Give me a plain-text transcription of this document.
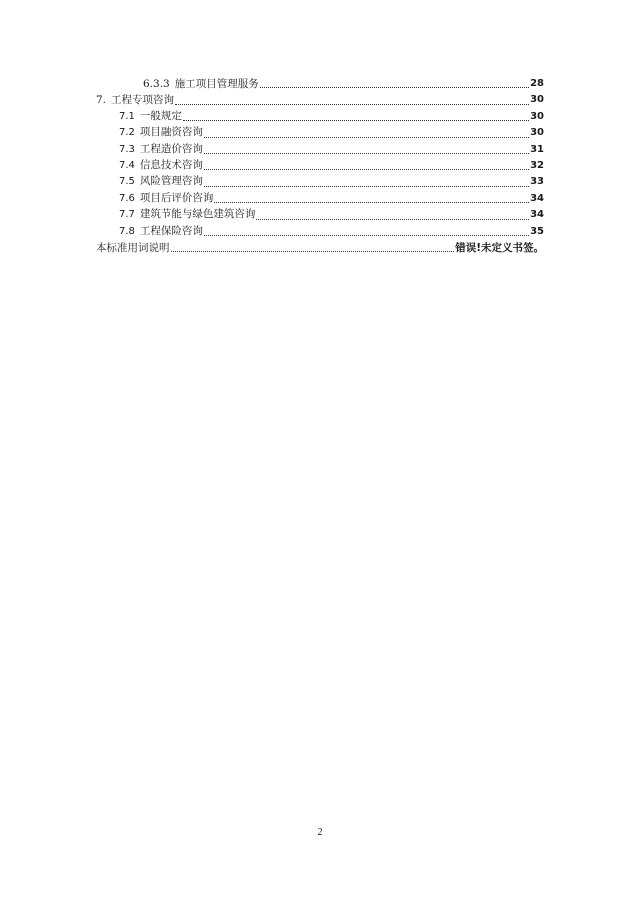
6.3.3 施工项目管理服务	28
7. 工程专项咨询	30
7.1 一般规定	30
7.2 项目融资咨询	30
7.3 工程造价咨询	31
7.4 信息技术咨询	32
7.5 风险管理咨询	33
7.6 项目后评价咨询	34
7.7 建筑节能与绿色建筑咨询	34
7.8 工程保险咨询	35
本标准用词说明	错误!未定义书签。
2
